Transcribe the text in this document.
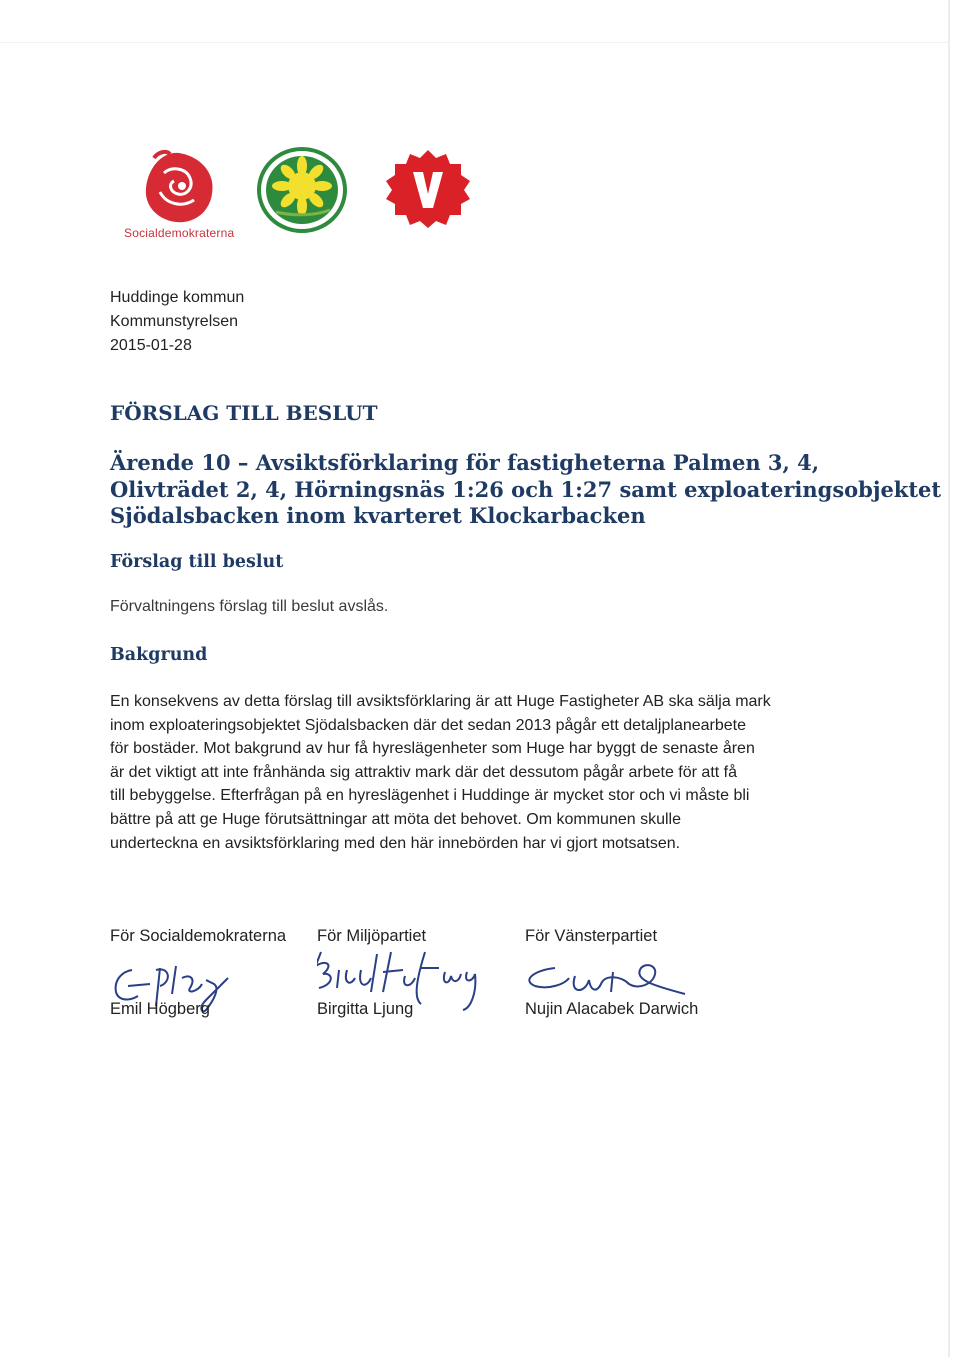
Socialdemokraterna
Huddinge kommun
Kommunstyrelsen
2015-01-28
FÖRSLAG TILL BESLUT
Ärende 10 – Avsiktsförklaring för fastigheterna Palmen 3, 4,
Olivträdet 2, 4, Hörningsnäs 1:26 och 1:27 samt exploateringsobjektet
Sjödalsbacken inom kvarteret Klockarbacken
Förslag till beslut
Förvaltningens förslag till beslut avslås.
Bakgrund
En konsekvens av detta förslag till avsiktsförklaring är att Huge Fastigheter AB ska sälja mark
inom exploateringsobjektet Sjödalsbacken där det sedan 2013 pågår ett detaljplanearbete
för bostäder. Mot bakgrund av hur få hyreslägenheter som Huge har byggt de senaste åren
är det viktigt att inte frånhända sig attraktiv mark där det dessutom pågår arbete för att få
till bebyggelse. Efterfrågan på en hyreslägenhet i Huddinge är mycket stor och vi måste bli
bättre på att ge Huge förutsättningar att möta det behovet. Om kommunen skulle
underteckna en avsiktsförklaring med den här innebörden har vi gjort motsatsen.
För Socialdemokraterna
Emil Högberg
För Miljöpartiet
Birgitta Ljung
För Vänsterpartiet
Nujin Alacabek Darwich
